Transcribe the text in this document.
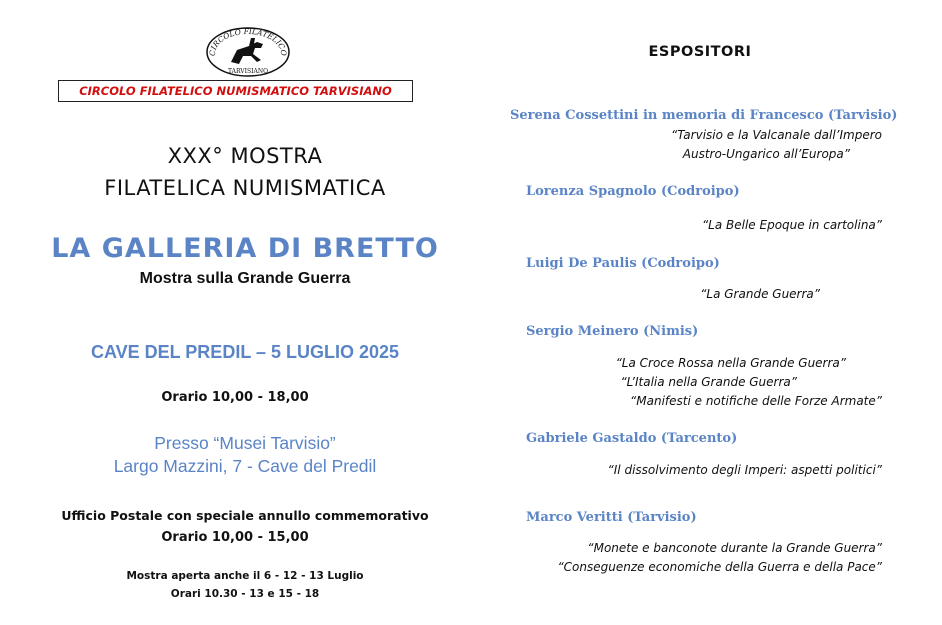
CIRCOLO FILATELICO
TARVISIANO
CIRCOLO FILATELICO NUMISMATICO TARVISIANO
XXX° MOSTRA
FILATELICA NUMISMATICA
LA GALLERIA DI BRETTO
Mostra sulla Grande Guerra
CAVE DEL PREDIL – 5 LUGLIO 2025
Orario 10,00 - 18,00
Presso “Musei Tarvisio”
Largo Mazzini, 7 - Cave del Predil
Ufficio Postale con speciale annullo commemorativo
Orario 10,00 - 15,00
Mostra aperta anche il 6 - 12 - 13 Luglio
Orari 10.30 - 13 e 15 - 18
ESPOSITORI
Serena Cossettini in memoria di Francesco (Tarvisio)
“Tarvisio e la Valcanale dall’Impero
Austro-Ungarico all’Europa”
Lorenza Spagnolo (Codroipo)
“La Belle Epoque in cartolina”
Luigi De Paulis (Codroipo)
“La Grande Guerra”
Sergio Meinero (Nimis)
“La Croce Rossa nella Grande Guerra”
“L’Italia nella Grande Guerra”
“Manifesti e notifiche delle Forze Armate”
Gabriele Gastaldo (Tarcento)
“Il dissolvimento degli Imperi: aspetti politici”
Marco Veritti (Tarvisio)
“Monete e banconote durante la Grande Guerra”
“Conseguenze economiche della Guerra e della Pace”
